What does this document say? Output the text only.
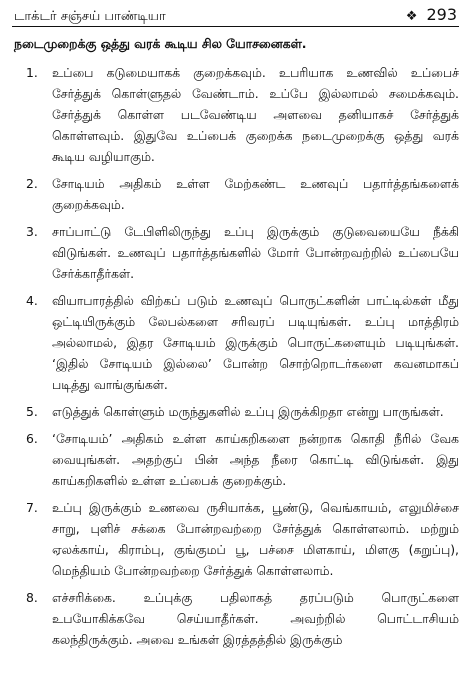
டாக்டர் சஞ்சய் பாண்டியா	❖ 293
நடைமுறைக்கு ஒத்து வரக் கூடிய சில யோசனைகள்.
1. உப்பை கடுமையாகக் குறைக்கவும். உபரியாக உணவில் உப்பைச் சேர்த்துக் கொள்ளுதல் வேண்டாம். உப்பே இல்லாமல் சமைக்கவும். சேர்த்துக் கொள்ள படவேண்டிய அளவை தனியாகச் சேர்த்துக் கொள்ளவும். இதுவே உப்பைக் குறைக்க நடைமுறைக்கு ஒத்து வரக் கூடிய வழியாகும்.
2. சோடியம் அதிகம் உள்ள மேற்கண்ட உணவுப் பதார்த்தங்களைக் குறைக்கவும்.
3. சாப்பாட்டு டேபிளிலிருந்து உப்பு இருக்கும் குடுவையையே நீக்கி விடுங்கள். உணவுப் பதார்த்தங்களில் மோர் போன்றவற்றில் உப்பையே சேர்க்காதீர்கள்.
4. வியாபாரத்தில் விற்கப் படும் உணவுப் பொருட்களின் பாட்டில்கள் மீது ஒட்டியிருக்கும் லேபல்களை சரிவரப் படியுங்கள். உப்பு மாத்திரம் அல்லாமல், இதர சோடியம் இருக்கும் பொருட்களையும் படியுங்கள். ‘இதில் சோடியம் இல்லை’ போன்ற சொற்றொடர்களை கவனமாகப் படித்து வாங்குங்கள்.
5. எடுத்துக் கொள்ளும் மருந்துகளில் உப்பு இருக்கிறதா என்று பாருங்கள்.
6. ‘சோடியம்’ அதிகம் உள்ள காய்கறிகளை நன்றாக கொதி நீரில் வேக வையுங்கள். அதற்குப் பின் அந்த நீரை கொட்டி விடுங்கள். இது காய்கறிகளில் உள்ள உப்பைக் குறைக்கும்.
7. உப்பு இருக்கும் உணவை ருசியாக்க, பூண்டு, வெங்காயம், எலுமிச்சை சாறு, புளிச் சக்கை போன்றவற்றை சேர்த்துக் கொள்ளலாம். மற்றும் ஏலக்காய், கிராம்பு, குங்குமப் பூ, பச்சை மிளகாய், மிளகு (கறுப்பு), மெந்தியம் போன்றவற்றை சேர்த்துக் கொள்ளலாம்.
8. எச்சரிக்கை. உப்புக்கு பதிலாகத் தரப்படும் பொருட்களை உபயோகிக்கவே செய்யாதீர்கள். அவற்றில் பொட்டாசியம் கலந்திருக்கும். அவை உங்கள் இரத்தத்தில் இருக்கும்
